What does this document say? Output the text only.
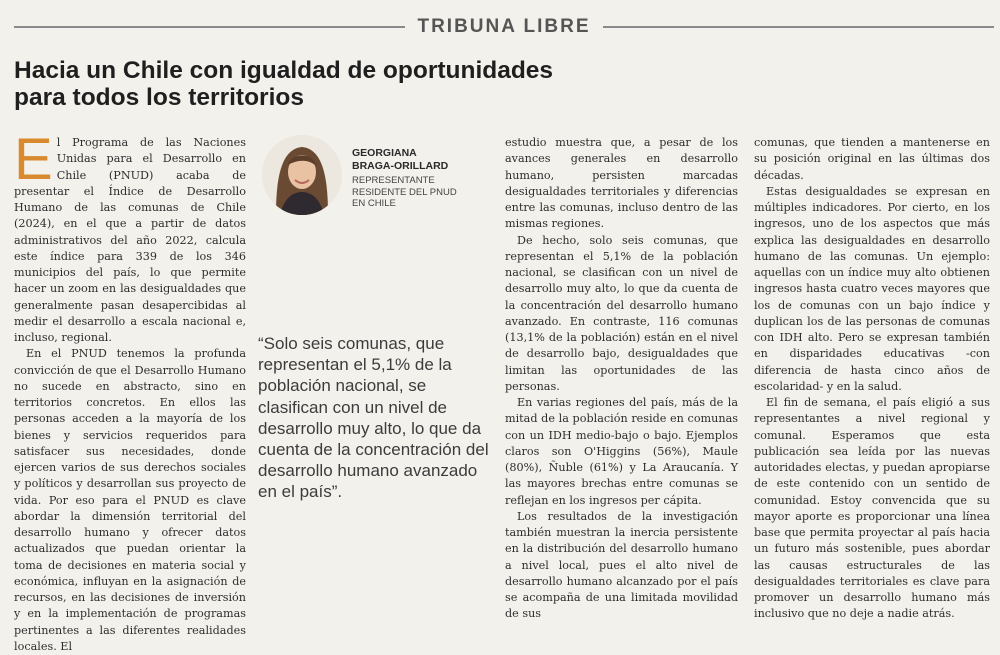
TRIBUNA LIBRE
Hacia un Chile con igualdad de oportunidades para todos los territorios
E l Programa de las Naciones Unidas para el Desarrollo en Chile (PNUD) acaba de presentar el Índice de Desarrollo Humano de las comunas de Chile (2024), en el que a partir de datos administrativos del año 2022, calcula este índice para 339 de los 346 municipios del país, lo que permite hacer un zoom en las desigualdades que generalmente pasan desapercibidas al medir el desarrollo a escala nacional e, incluso, regional.

En el PNUD tenemos la profunda convicción de que el Desarrollo Humano no sucede en abstracto, sino en territorios concretos. En ellos las personas acceden a la mayoría de los bienes y servicios requeridos para satisfacer sus necesidades, donde ejercen varios de sus derechos sociales y políticos y desarrollan sus proyecto de vida. Por eso para el PNUD es clave abordar la dimensión territorial del desarrollo humano y ofrecer datos actualizados que puedan orientar la toma de decisiones en materia social y económica, influyan en la asignación de recursos, en las decisiones de inversión y en la implementación de programas pertinentes a las diferentes realidades locales. El

GEORGIANA
BRAGA-ORILLARD
REPRESENTANTE
RESIDENTE DEL PNUD
EN CHILE

“Solo seis comunas, que representan el 5,1% de la población nacional, se clasifican con un nivel de desarrollo muy alto, lo que da cuenta de la concentración del desarrollo humano avanzado en el país”.

estudio muestra que, a pesar de los avances generales en desarrollo humano, persisten marcadas desigualdades territoriales y diferencias entre las comunas, incluso dentro de las mismas regiones.

De hecho, solo seis comunas, que representan el 5,1% de la población nacional, se clasifican con un nivel de desarrollo muy alto, lo que da cuenta de la concentración del desarrollo humano avanzado. En contraste, 116 comunas (13,1% de la población) están en el nivel de desarrollo bajo, desigualdades que limitan las oportunidades de las personas.

En varias regiones del país, más de la mitad de la población reside en comunas con un IDH medio-bajo o bajo. Ejemplos claros son O'Higgins (56%), Maule (80%), Ñuble (61%) y La Araucanía. Y las mayores brechas entre comunas se reflejan en los ingresos per cápita.

Los resultados de la investigación también muestran la inercia persistente en la distribución del desarrollo humano a nivel local, pues el alto nivel de desarrollo humano alcanzado por el país se acompaña de una limitada movilidad de sus

comunas, que tienden a mantenerse en su posición original en las últimas dos décadas.

Estas desigualdades se expresan en múltiples indicadores. Por cierto, en los ingresos, uno de los aspectos que más explica las desigualdades en desarrollo humano de las comunas. Un ejemplo: aquellas con un índice muy alto obtienen ingresos hasta cuatro veces mayores que los de comunas con un bajo índice y duplican los de las personas de comunas con IDH alto. Pero se expresan también en disparidades educativas -con diferencia de hasta cinco años de escolaridad- y en la salud.

El fin de semana, el país eligió a sus representantes a nivel regional y comunal. Esperamos que esta publicación sea leída por las nuevas autoridades electas, y puedan apropiarse de este contenido con un sentido de comunidad. Estoy convencida que su mayor aporte es proporcionar una línea base que permita proyectar al país hacia un futuro más sostenible, pues abordar las causas estructurales de las desigualdades territoriales es clave para promover un desarrollo humano más inclusivo que no deje a nadie atrás.
